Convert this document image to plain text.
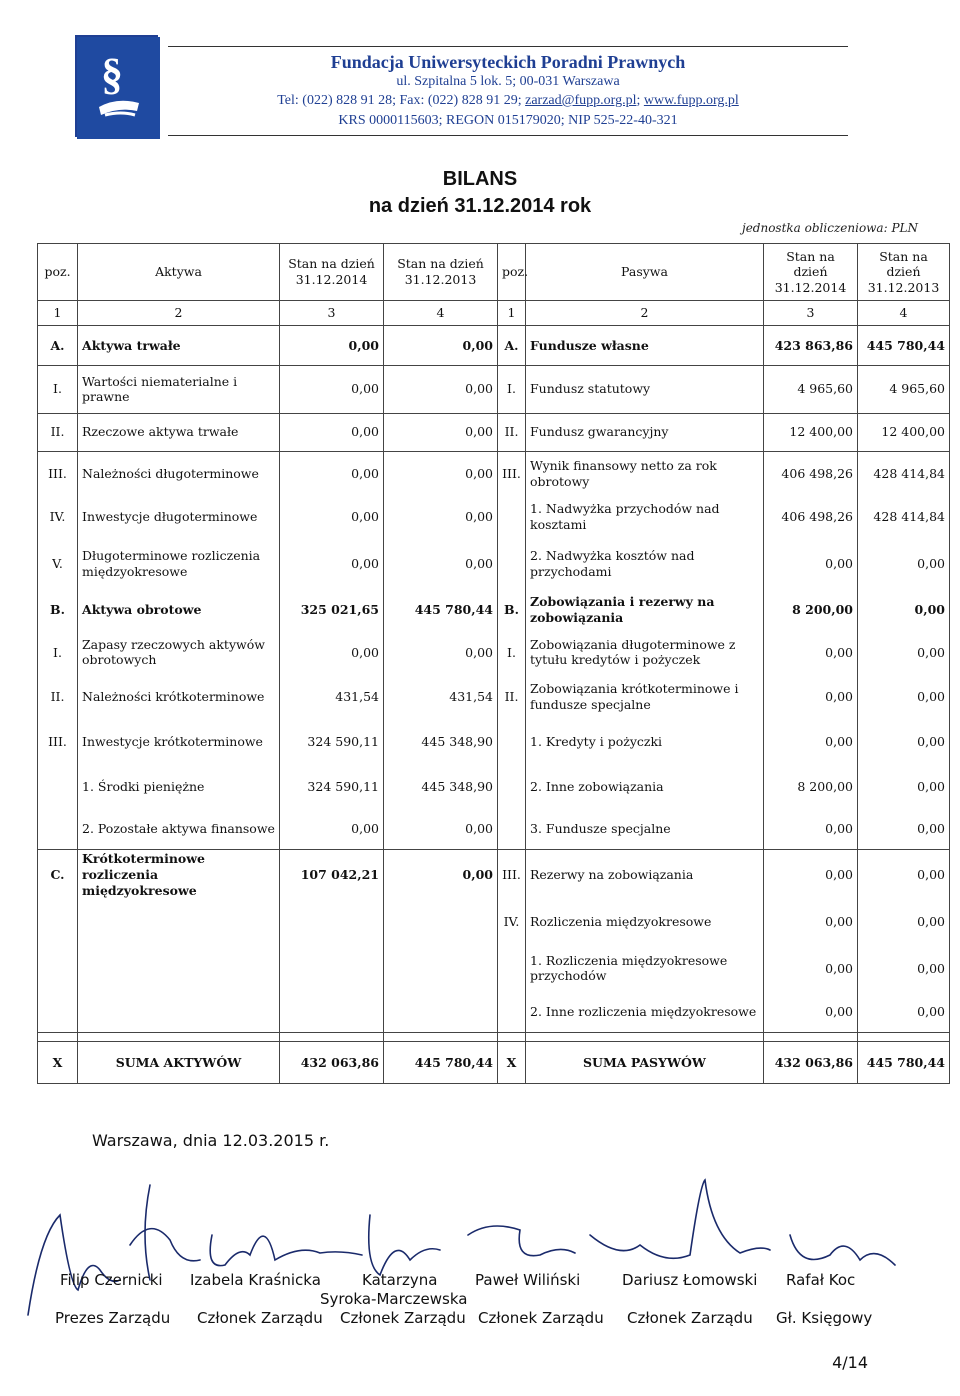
§	Fundacja Uniwersyteckich Poradni Prawnych
ul. Szpitalna 5 lok. 5; 00-031 Warszawa
Tel: (022) 828 91 28; Fax: (022) 828 91 29; zarzad@fupp.org.pl; www.fupp.org.pl
KRS 0000115603; REGON 015179020; NIP 525-22-40-321
BILANS
na dzień 31.12.2014 rok
jednostka obliczeniowa: PLN
poz.	Aktywa	Stan na dzień 31.12.2014	Stan na dzień 31.12.2013	poz.	Pasywa	Stan na dzień 31.12.2014	Stan na dzień 31.12.2013
1	2	3	4	1	2	3	4
A.	Aktywa trwałe	0,00	0,00	A.	Fundusze własne	423 863,86	445 780,44
I.	Wartości niematerialne i prawne	0,00	0,00	I.	Fundusz statutowy	4 965,60	4 965,60
II.	Rzeczowe aktywa trwałe	0,00	0,00	II.	Fundusz gwarancyjny	12 400,00	12 400,00
III.	Należności długoterminowe	0,00	0,00	III.	Wynik finansowy netto za rok obrotowy	406 498,26	428 414,84
IV.	Inwestycje długoterminowe	0,00	0,00		1. Nadwyżka przychodów nad kosztami	406 498,26	428 414,84
V.	Długoterminowe rozliczenia międzyokresowe	0,00	0,00		2. Nadwyżka kosztów nad przychodami	0,00	0,00
B.	Aktywa obrotowe	325 021,65	445 780,44	B.	Zobowiązania i rezerwy na zobowiązania	8 200,00	0,00
I.	Zapasy rzeczowych aktywów obrotowych	0,00	0,00	I.	Zobowiązania długoterminowe z tytułu kredytów i pożyczek	0,00	0,00
II.	Należności krótkoterminowe	431,54	431,54	II.	Zobowiązania krótkoterminowe i fundusze specjalne	0,00	0,00
III.	Inwestycje krótkoterminowe	324 590,11	445 348,90		1. Kredyty i pożyczki	0,00	0,00
	1. Środki pieniężne	324 590,11	445 348,90		2. Inne zobowiązania	8 200,00	0,00
	2. Pozostałe aktywa finansowe	0,00	0,00		3. Fundusze specjalne	0,00	0,00
C.	Krótkoterminowe rozliczenia międzyokresowe	107 042,21	0,00	III.	Rezerwy na zobowiązania	0,00	0,00
				IV.	Rozliczenia międzyokresowe	0,00	0,00
					1. Rozliczenia międzyokresowe przychodów	0,00	0,00
					2. Inne rozliczenia międzyokresowe	0,00	0,00

X	SUMA AKTYWÓW	432 063,86	445 780,44	X	SUMA PASYWÓW	432 063,86	445 780,44
Warszawa, dnia 12.03.2015 r.
Filip Czernicki Izabela Kraśnicka	Katarzyna
Syroka-Marczewska
Paweł Wiliński	Dariusz Łomowski Rafał Koc
Prezes Zarządu Członek Zarządu Członek Zarządu Członek Zarządu Członek Zarządu Gł. Księgowy
4/14
